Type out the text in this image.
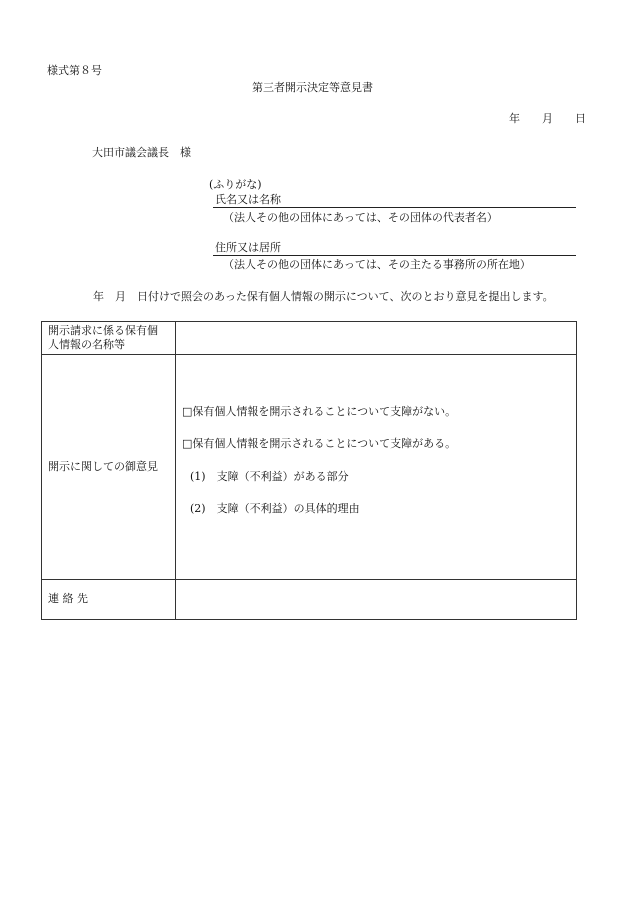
様式第８号
第三者開示決定等意見書
年　　月　　日
大田市議会議長　様
(ふりがな)
氏名又は名称
（法人その他の団体にあっては、その団体の代表者名）
住所又は居所
（法人その他の団体にあっては、その主たる事務所の所在地）
年　月　日付けで照会のあった保有個人情報の開示について、次のとおり意見を提出します。
開示請求に係る保有個
人情報の名称等	

開示に関しての御意見	□保有個人情報を開示されることについて支障がない。
□保有個人情報を開示されることについて支障がある。
(1)　支障（不利益）がある部分
(2)　支障（不利益）の具体的理由

連 絡 先	
